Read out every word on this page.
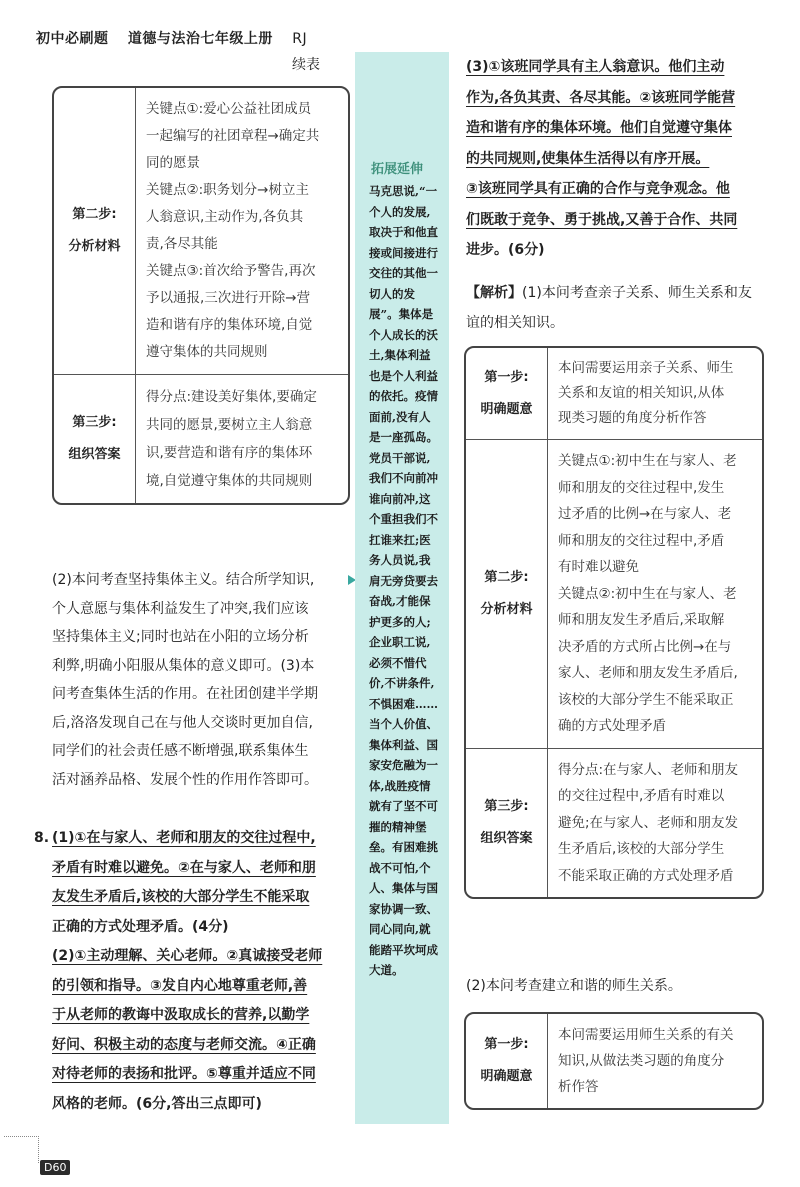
初中必刷题 道德与法治七年级上册 RJ
续表
第二步:
分析材料

关键点①:爱心公益社团成员

一起编写的社团章程→确定共

同的愿景

关键点②:职务划分→树立主

人翁意识,主动作为,各负其

责,各尽其能

关键点③:首次给予警告,再次

予以通报,三次进行开除→营

造和谐有序的集体环境,自觉

遵守集体的共同规则

第三步:
组织答案

得分点:建设美好集体,要确定

共同的愿景,要树立主人翁意

识,要营造和谐有序的集体环

境,自觉遵守集体的共同规则

(2)本问考查坚持集体主义。结合所学知识,

个人意愿与集体利益发生了冲突,我们应该

坚持集体主义;同时也站在小阳的立场分析

利弊,明确小阳服从集体的意义即可。(3)本

问考查集体生活的作用。在社团创建半学期

后,洛洛发现自己在与他人交谈时更加自信,

同学们的社会责任感不断增强,联系集体生

活对涵养品格、发展个性的作用作答即可。

8. (1)①在与家人、老师和朋友的交往过程中,

矛盾有时难以避免。②在与家人、老师和朋

友发生矛盾后,该校的大部分学生不能采取

正确的方式处理矛盾。(4分)

(2)①主动理解、关心老师。②真诚接受老师

的引领和指导。③发自内心地尊重老师,善

于从老师的教诲中汲取成长的营养,以勤学

好问、积极主动的态度与老师交流。④正确

对待老师的表扬和批评。⑤尊重并适应不同

风格的老师。(6分,答出三点即可)

拓展延伸
马克思说,“一个人的发展,取决于和他直接或间接进行交往的其他一切人的发展”。集体是个人成长的沃土,集体利益也是个人利益的依托。疫情面前,没有人是一座孤岛。党员干部说,我们不向前冲谁向前冲,这个重担我们不扛谁来扛;医务人员说,我肩无旁贷要去奋战,才能保护更多的人;企业职工说,必须不惜代价,不讲条件,不惧困难……当个人价值、集体利益、国家安危融为一体,战胜疫情就有了坚不可摧的精神堡垒。有困难挑战不可怕,个人、集体与国家协调一致、同心同向,就能踏平坎坷成大道。

(3)①该班同学具有主人翁意识。他们主动

作为,各负其责、各尽其能。②该班同学能营

造和谐有序的集体环境。他们自觉遵守集体

的共同规则,使集体生活得以有序开展。

③该班同学具有正确的合作与竞争观念。他

们既敢于竞争、勇于挑战,又善于合作、共同

进步。(6分)

【解析】(1)本问考查亲子关系、师生关系和友

谊的相关知识。

第一步:
明确题意

本问需要运用亲子关系、师生

关系和友谊的相关知识,从体

现类习题的角度分析作答

第二步:
分析材料

关键点①:初中生在与家人、老

师和朋友的交往过程中,发生

过矛盾的比例→在与家人、老

师和朋友的交往过程中,矛盾

有时难以避免

关键点②:初中生在与家人、老

师和朋友发生矛盾后,采取解

决矛盾的方式所占比例→在与

家人、老师和朋友发生矛盾后,

该校的大部分学生不能采取正

确的方式处理矛盾

第三步:
组织答案

得分点:在与家人、老师和朋友

的交往过程中,矛盾有时难以

避免;在与家人、老师和朋友发

生矛盾后,该校的大部分学生

不能采取正确的方式处理矛盾

(2)本问考查建立和谐的师生关系。
第一步:
明确题意

本问需要运用师生关系的有关

知识,从做法类习题的角度分

析作答

D60
